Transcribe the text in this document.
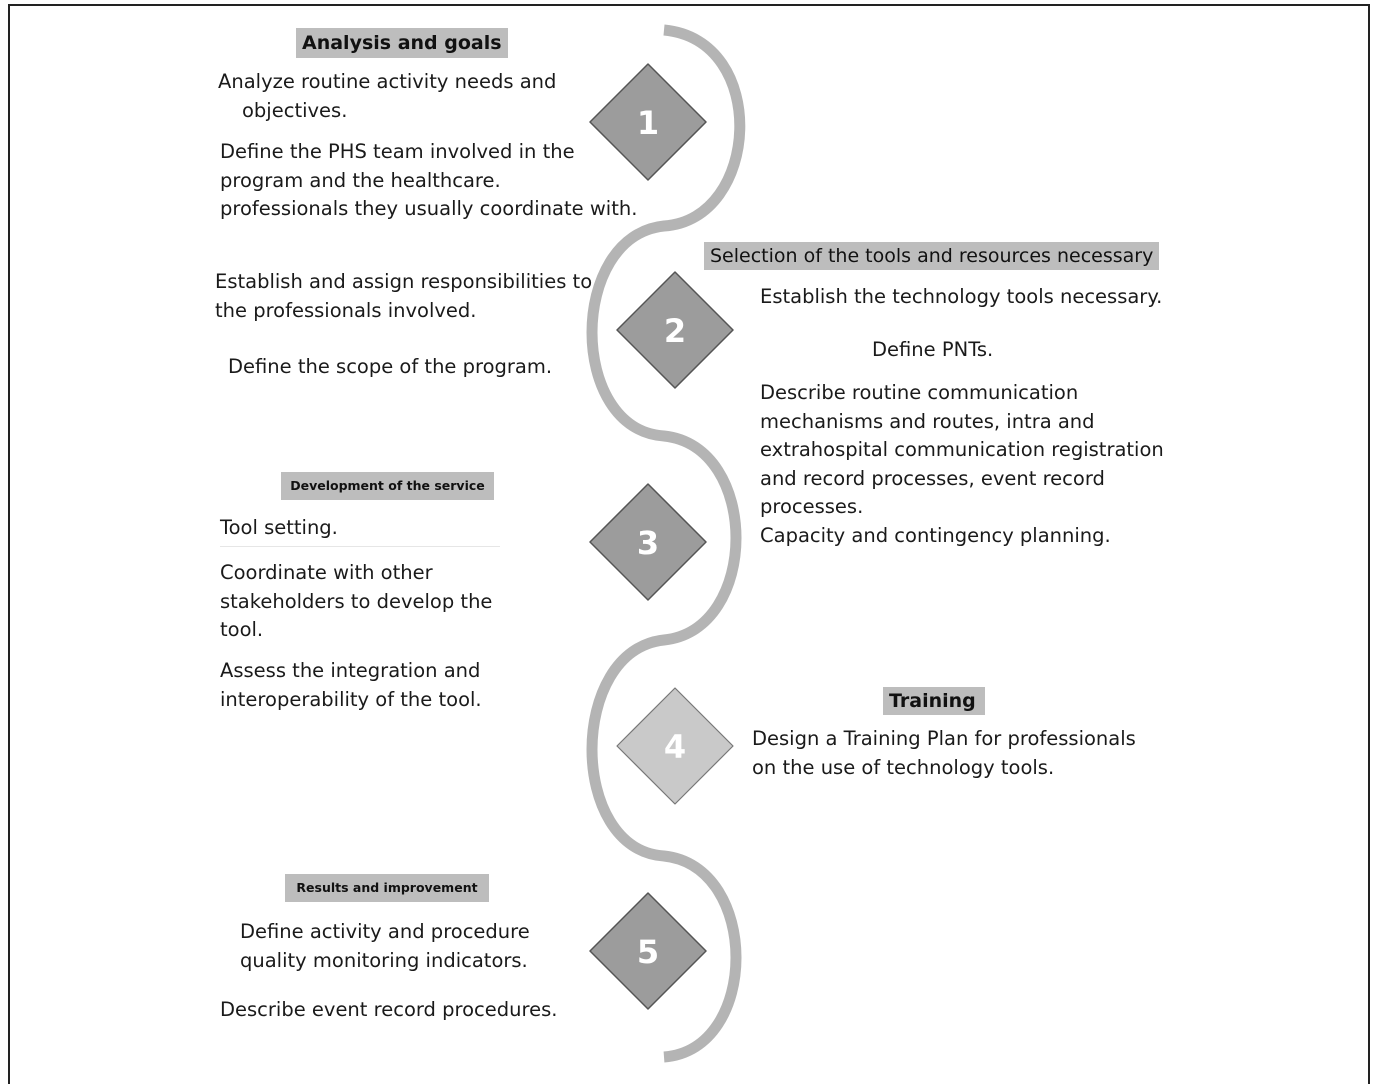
1
2
3
4
5
Analysis and goals
Analyze routine activity needs and
objectives.
Define the PHS team involved in the
program and the healthcare.
professionals they usually coordinate with.
Establish and assign responsibilities to
the professionals involved.
Define the scope of the program.
Selection of the tools and resources necessary
Establish the technology tools necessary.
Define PNTs.
Describe routine communication
mechanisms and routes, intra and
extrahospital communication registration
and record processes, event record
processes.
Capacity and contingency planning.
Development of the service
Tool setting.
Coordinate with other
stakeholders to develop the
tool.
Assess the integration and
interoperability of the tool.	Training
Design a Training Plan for professionals
on the use of technology tools.
Results and improvement
Define activity and procedure
quality monitoring indicators.
Describe event record procedures.
